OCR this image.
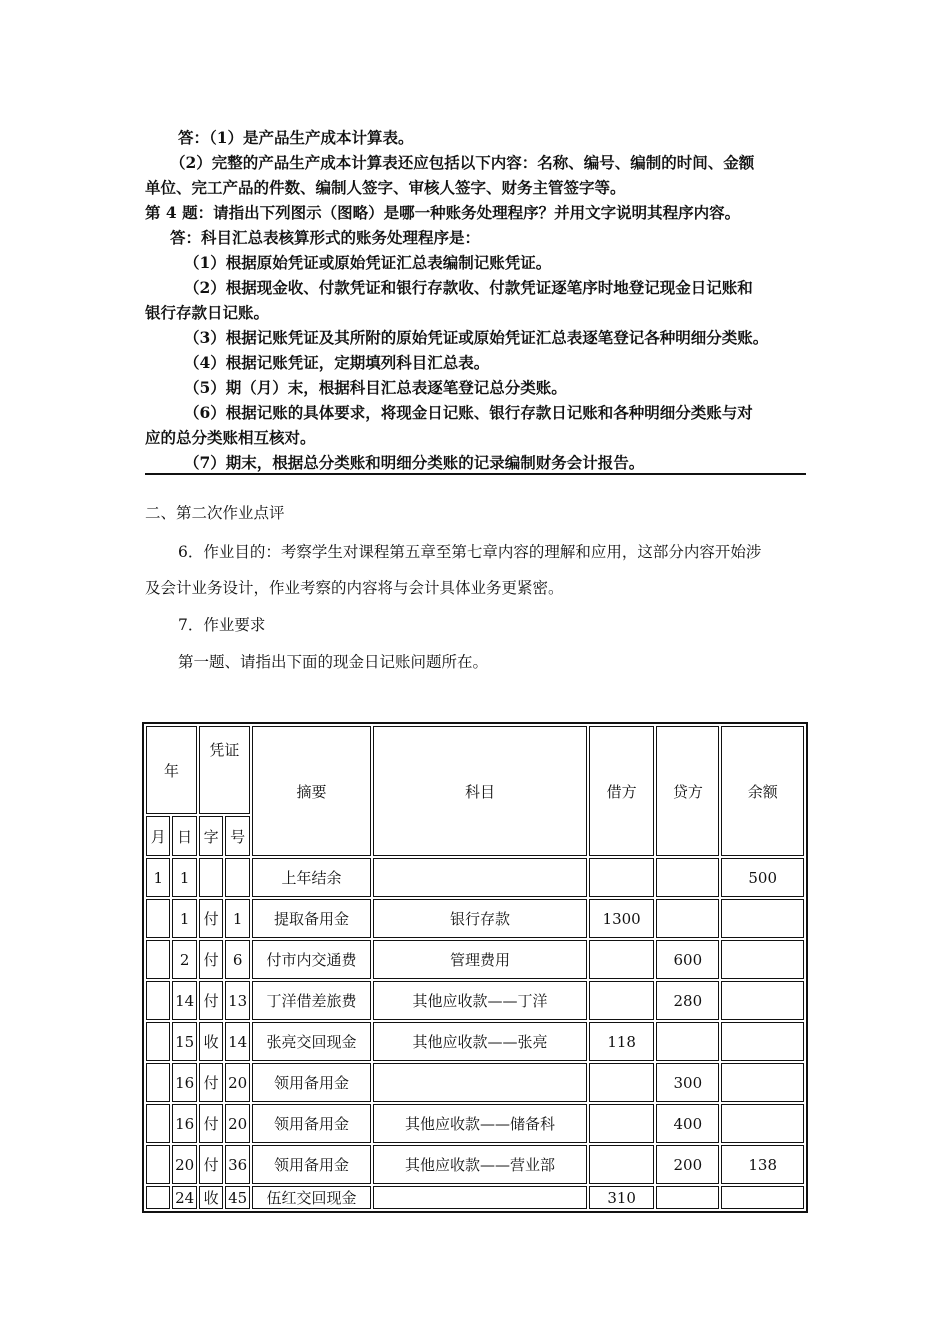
答：（1）是产品生产成本计算表。
（2）完整的产品生产成本计算表还应包括以下内容：名称、编号、编制的时间、金额
单位、完工产品的件数、编制人签字、审核人签字、财务主管签字等。
第 4 题：请指出下列图示（图略）是哪一种账务处理程序？并用文字说明其程序内容。
答：科目汇总表核算形式的账务处理程序是：
（1）根据原始凭证或原始凭证汇总表编制记账凭证。
（2）根据现金收、付款凭证和银行存款收、付款凭证逐笔序时地登记现金日记账和
银行存款日记账。
（3）根据记账凭证及其所附的原始凭证或原始凭证汇总表逐笔登记各种明细分类账。
（4）根据记账凭证，定期填列科目汇总表。
（5）期（月）末，根据科目汇总表逐笔登记总分类账。
（6）根据记账的具体要求，将现金日记账、银行存款日记账和各种明细分类账与对
应的总分类账相互核对。
（7）期末，根据总分类账和明细分类账的记录编制财务会计报告。
二、第二次作业点评
6．作业目的：考察学生对课程第五章至第七章内容的理解和应用，这部分内容开始涉
及会计业务设计，作业考察的内容将与会计具体业务更紧密。
7．作业要求
第一题、请指出下面的现金日记账问题所在。
年		凭证		摘要	科目	借方	贷方	余额
月	日	字	号					
1	1			上年结余				500
	1	付	1	提取备用金	银行存款	1300		
	2	付	6	付市内交通费	管理费用		600	
	14	付	13	丁洋借差旅费	其他应收款——丁洋		280	
	15	收	14	张亮交回现金	其他应收款——张亮	118		
	16	付	20	领用备用金			300	
	16	付	20	领用备用金	其他应收款——储备科		400	
	20	付	36	领用备用金	其他应收款——营业部		200	138
	24	收	45	伍红交回现金		310		
